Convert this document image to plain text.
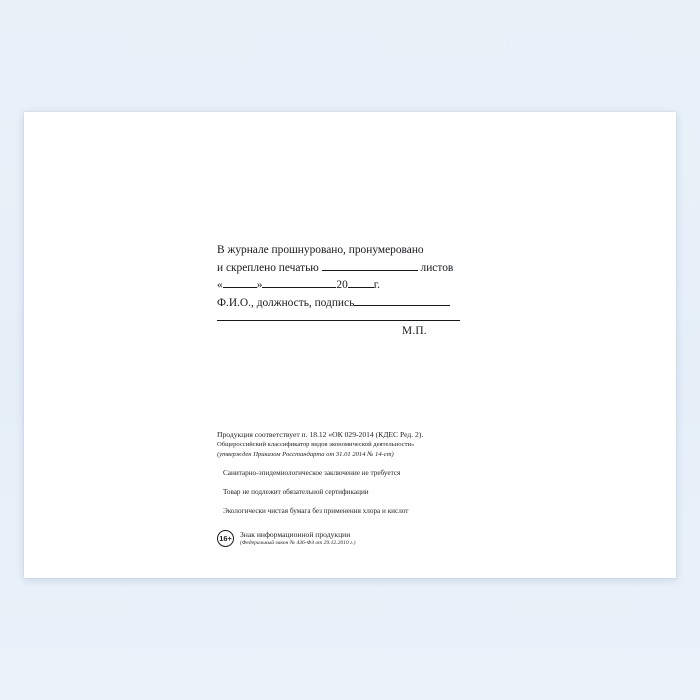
В журнале прошнуровано, пронумеровано
и скреплено печатью	листов
«	»	20 г.
Ф.И.О., должность, подпись
М.П.
Продукция соответствует п. 18.12 «ОК 029-2014 (КДЕС Ред. 2).
Общероссийский классификатор видов экономической деятельности»
(утвержден Приказом Росстандарта от 31.01 2014 № 14-ст)
Санитарно-эпидемиологическое заключение не требуется
Товар не подлежит обязательной сертификации
Экологически чистая бумага без применения хлора и кислот
16+ Знак информационной продукции
(Федеральный закон № 436-ФЗ от 29.12.2010 г.)
